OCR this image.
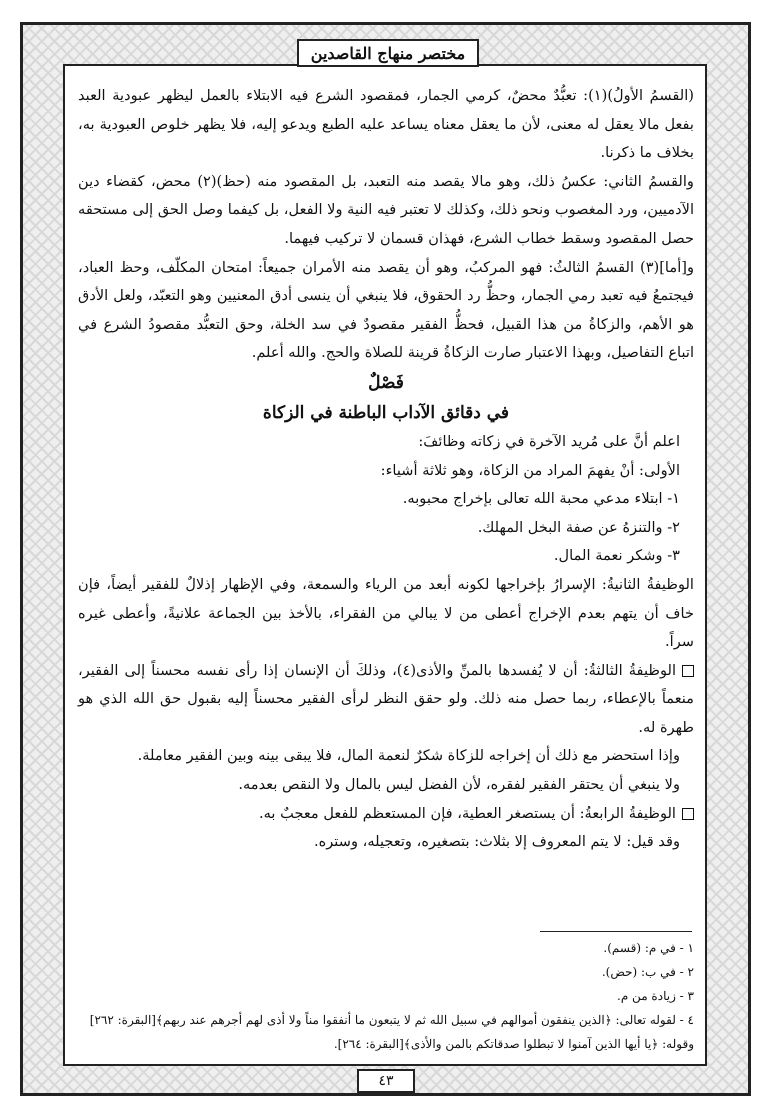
مختصر منهاج القاصدين

(القسمُ الأولُ)(١): تعبُّدٌ محضٌ، كرمي الجمار، فمقصود الشرع فيه الابتلاء بالعمل ليظهر عبودية العبد بفعل مالا يعقل له معنى، لأن ما يعقل معناه يساعد عليه الطبع ويدعو إليه، فلا يظهر خلوص العبودية به، بخلاف ما ذكرنا.

والقسمُ الثاني: عكسُ ذلك، وهو مالا يقصد منه التعبد، بل المقصود منه (حظ)(٢) محض، كقضاء دين الآدميين، ورد المغصوب ونحو ذلك، وكذلك لا تعتبر فيه النية ولا الفعل، بل كيفما وصل الحق إلى مستحقه حصل المقصود وسقط خطاب الشرع، فهذان قسمان لا تركيب فيهما.

و[أما](٣) القسمُ الثالثُ: فهو المركبُ، وهو أن يقصد منه الأمران جميعاً: امتحان المكلّف، وحظ العباد، فيجتمعُ فيه تعبد رمي الجمار، وحظُّ رد الحقوق، فلا ينبغي أن ينسى أدق المعنيين وهو التعبّد، ولعل الأدق هو الأهم، والزكاةُ من هذا القبيل، فحظُّ الفقير مقصودٌ في سد الخلة، وحق التعبُّد مقصودُ الشرع في اتباع التفاصيل، وبهذا الاعتبار صارت الزكاةُ قرينة للصلاة والحج. والله أعلم.

فَصْلٌ

في دقائق الآداب الباطنة في الزكاة

اعلم أنَّ على مُريد الآخرة في زكاته وظائفَ:

الأولى: أنْ يفهمَ المراد من الزكاة، وهو ثلاثة أشياء:

١- ابتلاء مدعي محبة الله تعالى بإخراج محبوبه.

٢- والتنزهُ عن صفة البخل المهلك.

٣- وشكر نعمة المال.

الوظيفةُ الثانيةُ: الإسرارُ بإخراجها لكونه أبعد من الرياء والسمعة، وفي الإظهار إذلالٌ للفقير أيضاً، فإن خاف أن يتهم بعدم الإخراج أعطى من لا يبالي من الفقراء، بالأخذ بين الجماعة علانيةً، وأعطى غيره سراً.

الوظيفةُ الثالثةُ: أن لا يُفسدها بالمنِّ والأذى(٤)، وذلكَ أن الإنسان إذا رأى نفسه محسناً إلى الفقير، منعماً بالإعطاء، ربما حصل منه ذلك. ولو حقق النظر لرأى الفقير محسناً إليه بقبول حق الله الذي هو طهرة له.

وإذا استحضر مع ذلك أن إخراجه للزكاة شكرٌ لنعمة المال، فلا يبقى بينه وبين الفقير معاملة.

ولا ينبغي أن يحتقر الفقير لفقره، لأن الفضل ليس بالمال ولا النقص بعدمه.

الوظيفةُ الرابعةُ: أن يستصغر العطية، فإن المستعظم للفعل معجبٌ به.

وقد قيل: لا يتم المعروف إلا بثلاث: بتصغيره، وتعجيله، وستره.

١ - في م: (قسم).

٢ - في ب: (حض).

٣ - زيادة من م.

٤ - لقوله تعالى: ﴿الذين ينفقون أموالهم في سبيل الله ثم لا يتبعون ما أنفقوا مناً ولا أذى لهم أجرهم عند ربهم﴾[البقرة: ٢٦٢] وقوله: ﴿يا أيها الذين آمنوا لا تبطلوا صدقاتكم بالمن والأذى﴾[البقرة: ٢٦٤].

٤٣
